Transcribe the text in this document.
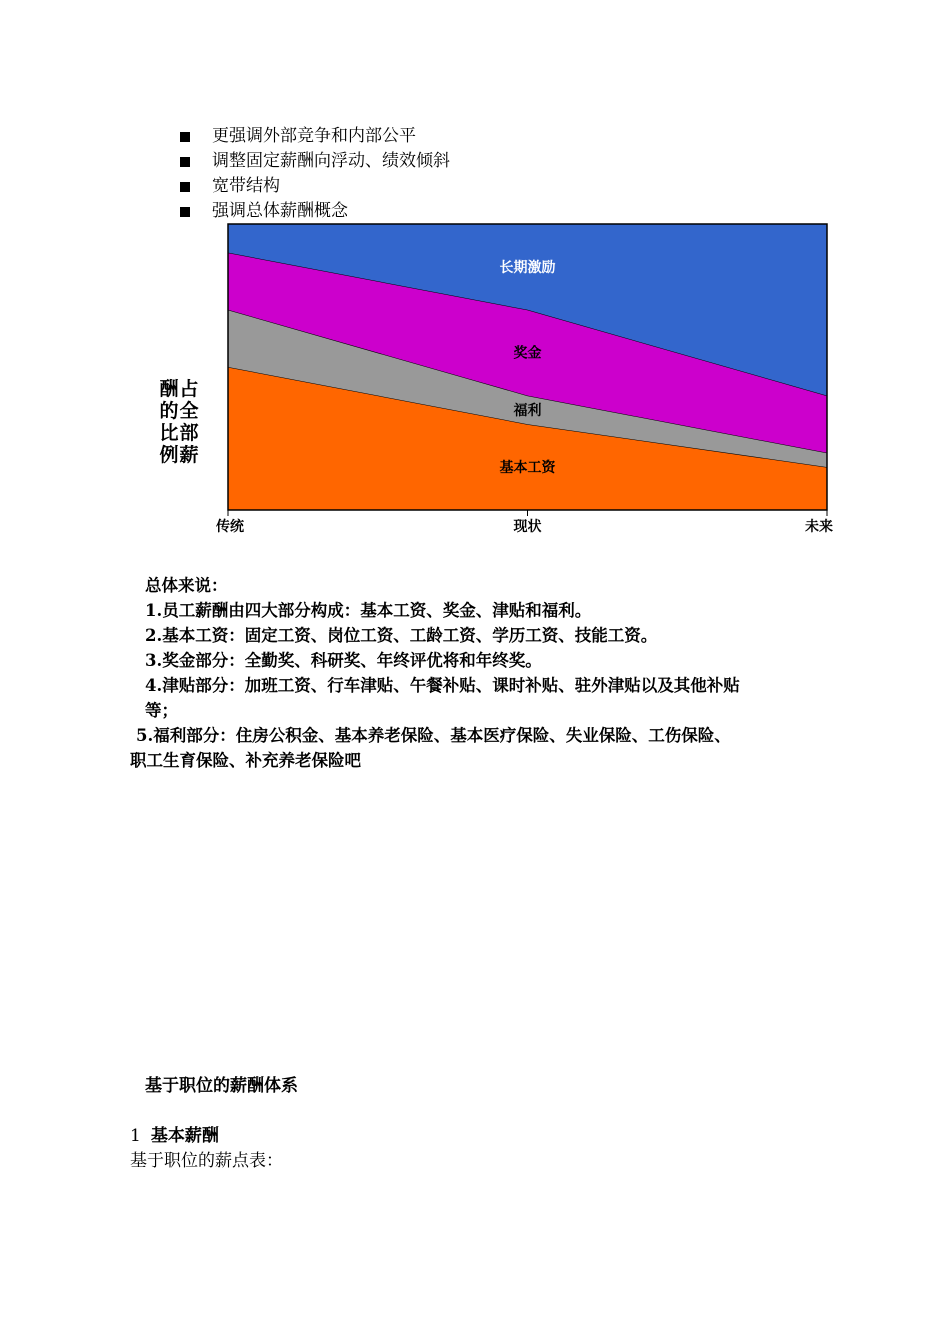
更强调外部竞争和内部公平
调整固定薪酬向浮动、绩效倾斜
宽带结构
强调总体薪酬概念
基本工资
福利
奖金
长期激励
传统	现状	未来
占
全
部
薪
酬
的
比
例

总体来说：

1.员工薪酬由四大部分构成：基本工资、奖金、津贴和福利。

2.基本工资：固定工资、岗位工资、工龄工资、学历工资、技能工资。

3.奖金部分：全勤奖、科研奖、年终评优将和年终奖。

4.津贴部分：加班工资、行车津贴、午餐补贴、课时补贴、驻外津贴以及其他补贴

等；

5.福利部分：住房公积金、基本养老保险、基本医疗保险、失业保险、工伤保险、

职工生育保险、补充养老保险吧

基于职位的薪酬体系
1 基本薪酬
基于职位的薪点表：
